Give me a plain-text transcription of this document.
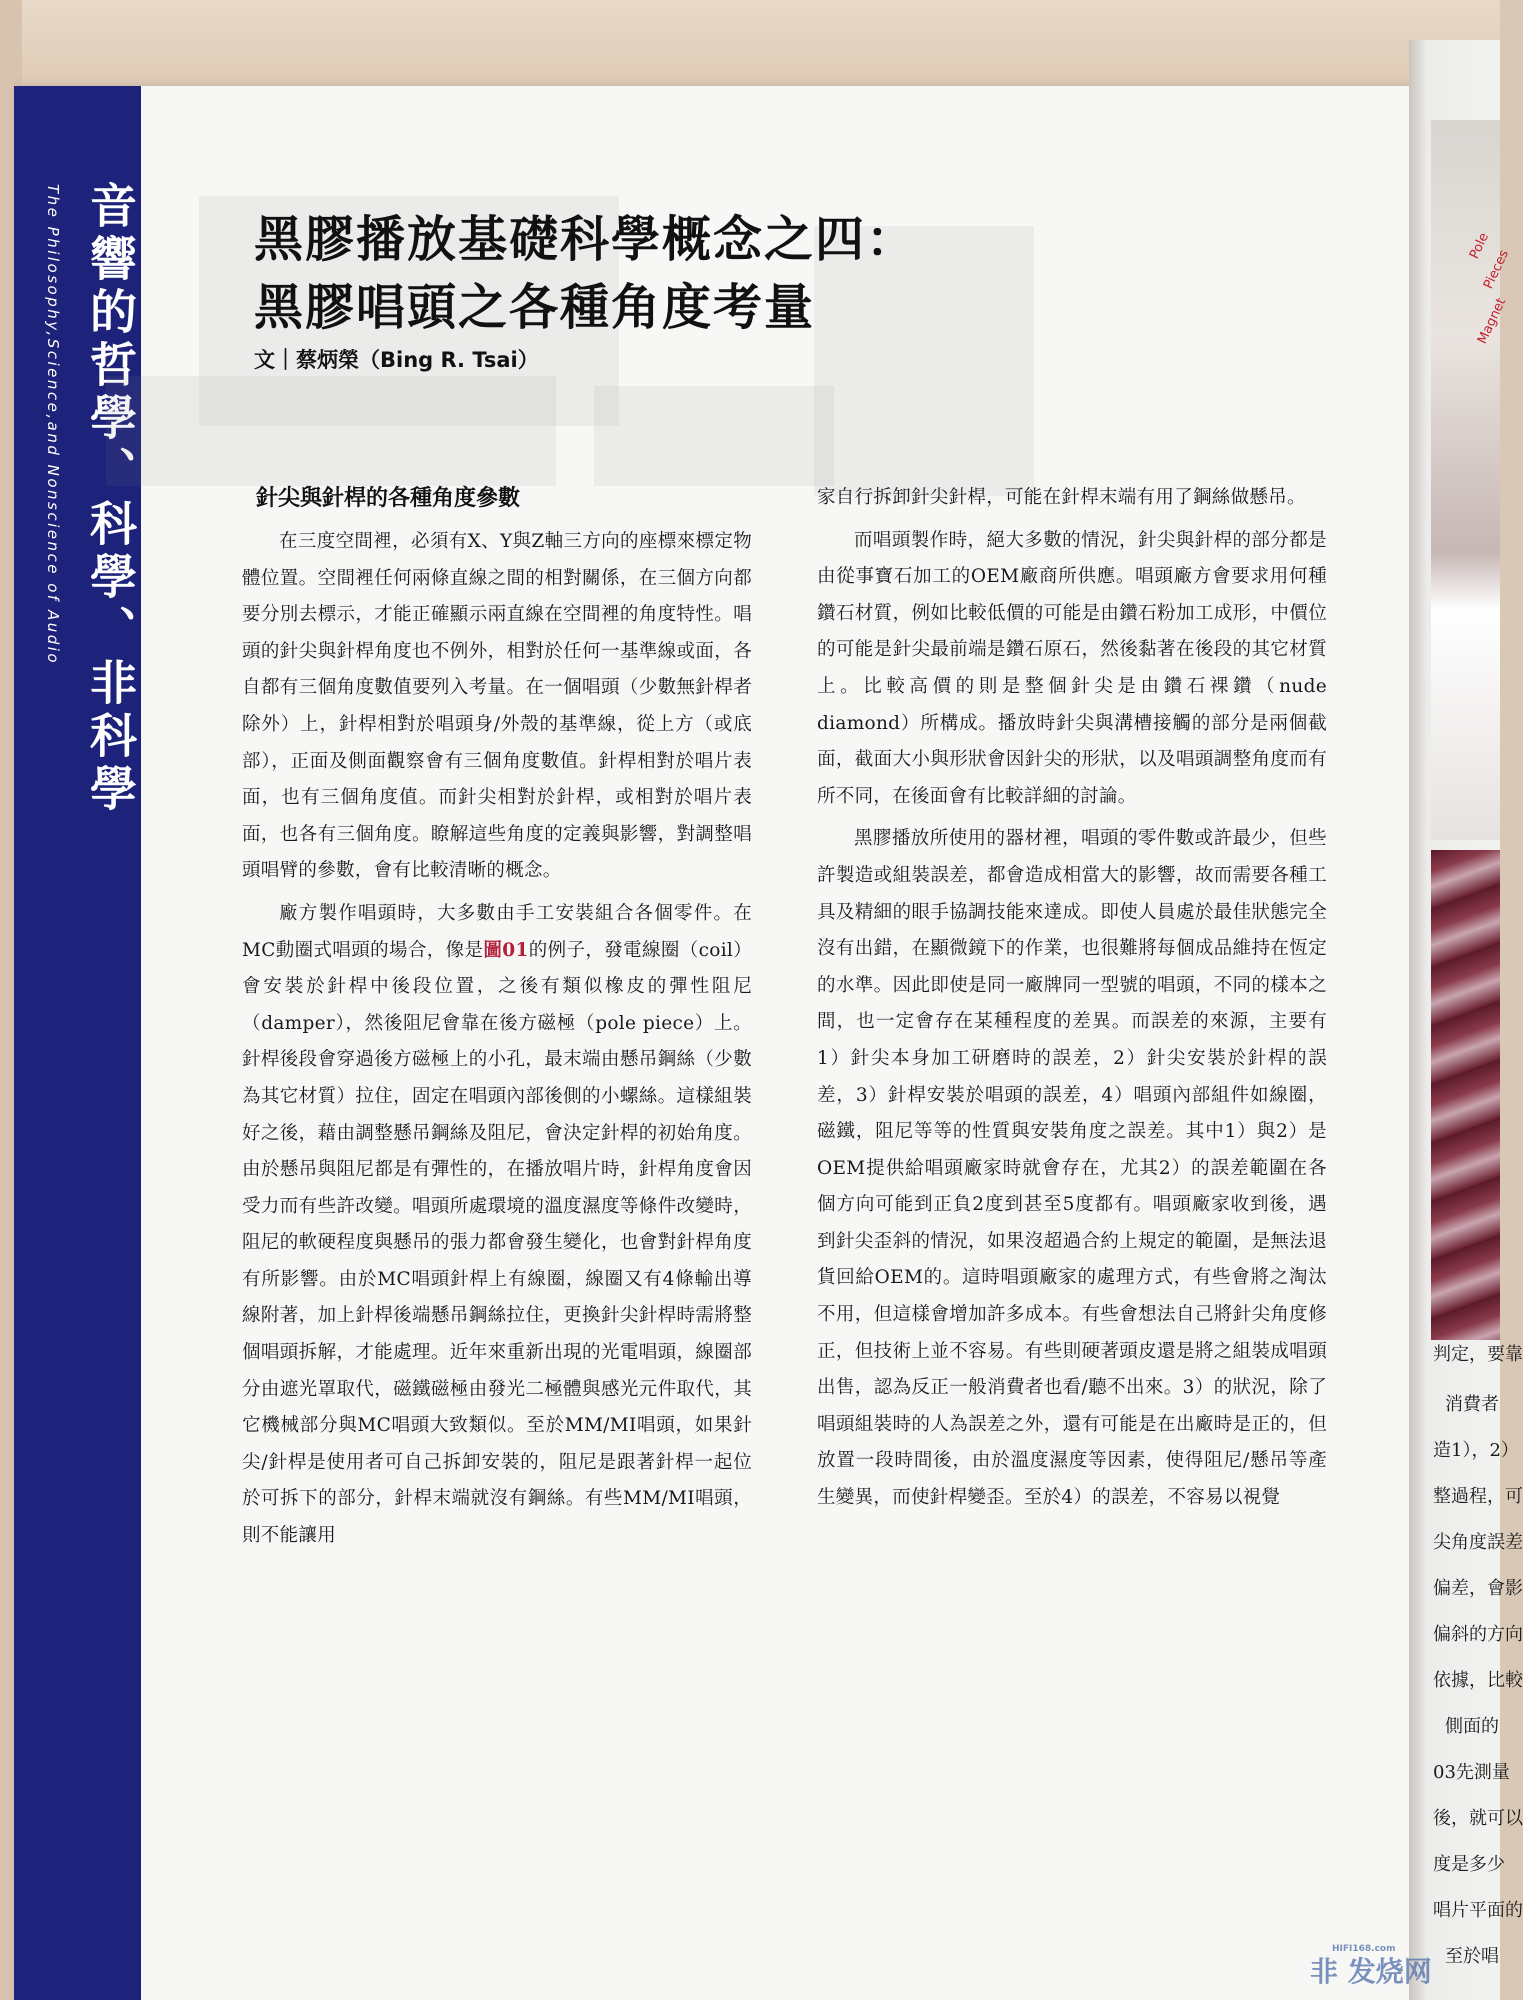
音響的哲學、科學、非科學
The Philosophy,Science,and Nonscience of Audio	黑膠播放基礎科學概念之四：
黑膠唱頭之各種角度考量
文｜蔡炳榮（Bing R. Tsai）
針尖與針桿的各種角度參數

在三度空間裡，必須有X、Y與Z軸三方向的座標來標定物體位置。空間裡任何兩條直線之間的相對關係，在三個方向都要分別去標示，才能正確顯示兩直線在空間裡的角度特性。唱頭的針尖與針桿角度也不例外，相對於任何一基準線或面，各自都有三個角度數值要列入考量。在一個唱頭（少數無針桿者除外）上，針桿相對於唱頭身/外殼的基準線，從上方（或底部），正面及側面觀察會有三個角度數值。針桿相對於唱片表面，也有三個角度值。而針尖相對於針桿，或相對於唱片表面，也各有三個角度。瞭解這些角度的定義與影響，對調整唱頭唱臂的參數，會有比較清晰的概念。

廠方製作唱頭時，大多數由手工安裝組合各個零件。在MC動圈式唱頭的場合，像是圖01的例子，發電線圈（coil）會安裝於針桿中後段位置，之後有類似橡皮的彈性阻尼（damper），然後阻尼會靠在後方磁極（pole piece）上。針桿後段會穿過後方磁極上的小孔，最末端由懸吊鋼絲（少數為其它材質）拉住，固定在唱頭內部後側的小螺絲。這樣組裝好之後，藉由調整懸吊鋼絲及阻尼，會決定針桿的初始角度。由於懸吊與阻尼都是有彈性的，在播放唱片時，針桿角度會因受力而有些許改變。唱頭所處環境的溫度濕度等條件改變時，阻尼的軟硬程度與懸吊的張力都會發生變化，也會對針桿角度有所影響。由於MC唱頭針桿上有線圈，線圈又有4條輸出導線附著，加上針桿後端懸吊鋼絲拉住，更換針尖針桿時需將整個唱頭拆解，才能處理。近年來重新出現的光電唱頭，線圈部分由遮光罩取代，磁鐵磁極由發光二極體與感光元件取代，其它機械部分與MC唱頭大致類似。至於MM/MI唱頭，如果針尖/針桿是使用者可自己拆卸安裝的，阻尼是跟著針桿一起位於可拆下的部分，針桿末端就沒有鋼絲。有些MM/MI唱頭，則不能讓用

家自行拆卸針尖針桿，可能在針桿末端有用了鋼絲做懸吊。

而唱頭製作時，絕大多數的情況，針尖與針桿的部分都是由從事寶石加工的OEM廠商所供應。唱頭廠方會要求用何種鑽石材質，例如比較低價的可能是由鑽石粉加工成形，中價位的可能是針尖最前端是鑽石原石，然後黏著在後段的其它材質上。比較高價的則是整個針尖是由鑽石裸鑽（nude diamond）所構成。播放時針尖與溝槽接觸的部分是兩個截面，截面大小與形狀會因針尖的形狀，以及唱頭調整角度而有所不同，在後面會有比較詳細的討論。

黑膠播放所使用的器材裡，唱頭的零件數或許最少，但些許製造或組裝誤差，都會造成相當大的影響，故而需要各種工具及精細的眼手協調技能來達成。即使人員處於最佳狀態完全沒有出錯，在顯微鏡下的作業，也很難將每個成品維持在恆定的水準。因此即使是同一廠牌同一型號的唱頭，不同的樣本之間，也一定會存在某種程度的差異。而誤差的來源，主要有1）針尖本身加工研磨時的誤差，2）針尖安裝於針桿的誤差，3）針桿安裝於唱頭的誤差，4）唱頭內部組件如線圈，磁鐵，阻尼等等的性質與安裝角度之誤差。其中1）與2）是OEM提供給唱頭廠家時就會存在，尤其2）的誤差範圍在各個方向可能到正負2度到甚至5度都有。唱頭廠家收到後，遇到針尖歪斜的情況，如果沒超過合約上規定的範圍，是無法退貨回給OEM的。這時唱頭廠家的處理方式，有些會將之淘汰不用，但這樣會增加許多成本。有些會想法自己將針尖角度修正，但技術上並不容易。有些則硬著頭皮還是將之組裝成唱頭出售，認為反正一般消費者也看/聽不出來。3）的狀況，除了唱頭組裝時的人為誤差之外，還有可能是在出廠時是正的，但放置一段時間後，由於溫度濕度等因素，使得阻尼/懸吊等產生變異，而使針桿變歪。至於4）的誤差，不容易以視覺

Pole
Pieces
Magnet
判定，要靠
消費者
造1），2）
整過程，可
尖角度誤差
偏差，會影
偏斜的方向
依據，比較
側面的
03先測量
後，就可以
度是多少
唱片平面的
至於唱
非
HIFI168.com
发烧网
